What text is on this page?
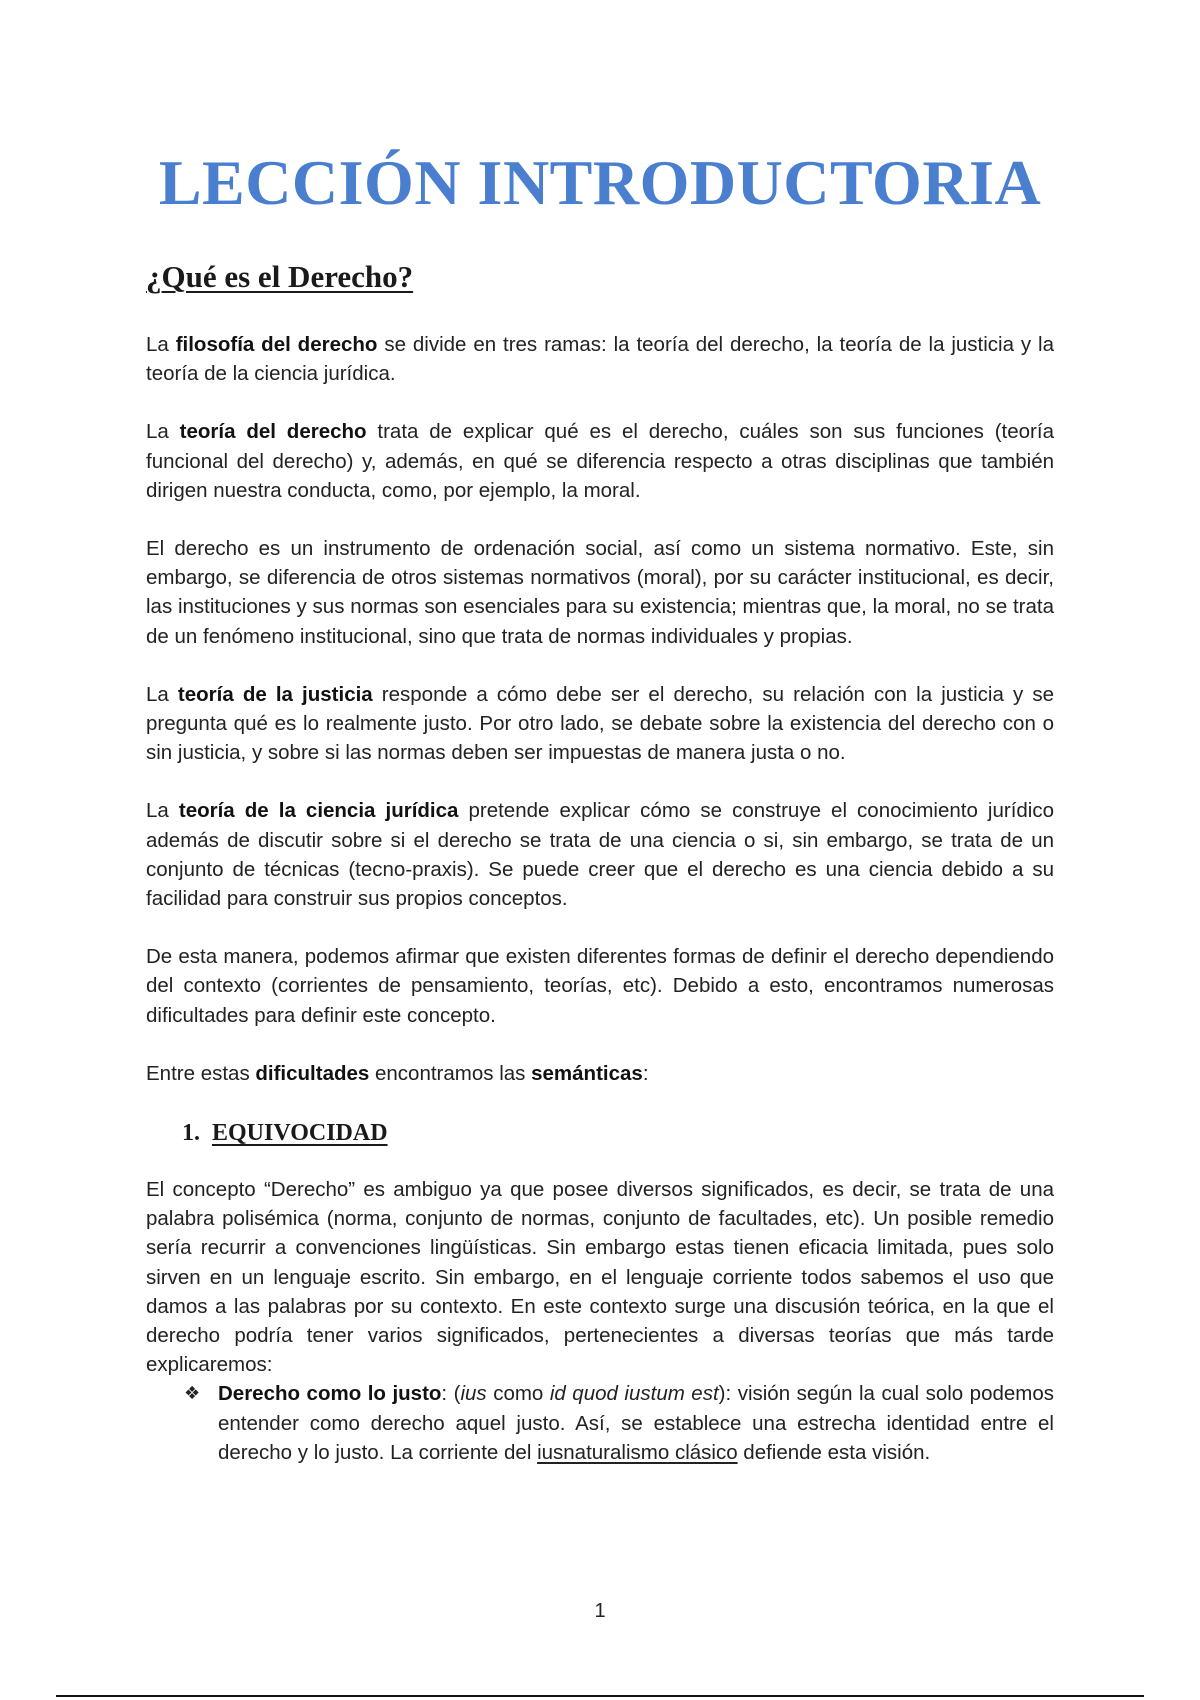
LECCIÓN INTRODUCTORIA
¿Qué es el Derecho?

La filosofía del derecho se divide en tres ramas: la teoría del derecho, la teoría de la justicia y la teoría de la ciencia jurídica.

La teoría del derecho trata de explicar qué es el derecho, cuáles son sus funciones (teoría funcional del derecho) y, además, en qué se diferencia respecto a otras disciplinas que también dirigen nuestra conducta, como, por ejemplo, la moral.

El derecho es un instrumento de ordenación social, así como un sistema normativo. Este, sin embargo, se diferencia de otros sistemas normativos (moral), por su carácter institucional, es decir, las instituciones y sus normas son esenciales para su existencia; mientras que, la moral, no se trata de un fenómeno institucional, sino que trata de normas individuales y propias.

La teoría de la justicia responde a cómo debe ser el derecho, su relación con la justicia y se pregunta qué es lo realmente justo. Por otro lado, se debate sobre la existencia del derecho con o sin justicia, y sobre si las normas deben ser impuestas de manera justa o no.

La teoría de la ciencia jurídica pretende explicar cómo se construye el conocimiento jurídico además de discutir sobre si el derecho se trata de una ciencia o si, sin embargo, se trata de un conjunto de técnicas (tecno-praxis). Se puede creer que el derecho es una ciencia debido a su facilidad para construir sus propios conceptos.

De esta manera, podemos afirmar que existen diferentes formas de definir el derecho dependiendo del contexto (corrientes de pensamiento, teorías, etc). Debido a esto, encontramos numerosas dificultades para definir este concepto.

Entre estas dificultades encontramos las semánticas:

1. EQUIVOCIDAD

El concepto “Derecho” es ambiguo ya que posee diversos significados, es decir, se trata de una palabra polisémica (norma, conjunto de normas, conjunto de facultades, etc). Un posible remedio sería recurrir a convenciones lingüísticas. Sin embargo estas tienen eficacia limitada, pues solo sirven en un lenguaje escrito. Sin embargo, en el lenguaje corriente todos sabemos el uso que damos a las palabras por su contexto. En este contexto surge una discusión teórica, en la que el derecho podría tener varios significados, pertenecientes a diversas teorías que más tarde explicaremos:

❖ Derecho como lo justo: (ius como id quod iustum est): visión según la cual solo podemos entender como derecho aquel justo. Así, se establece una estrecha identidad entre el derecho y lo justo. La corriente del iusnaturalismo clásico defiende esta visión.
1
